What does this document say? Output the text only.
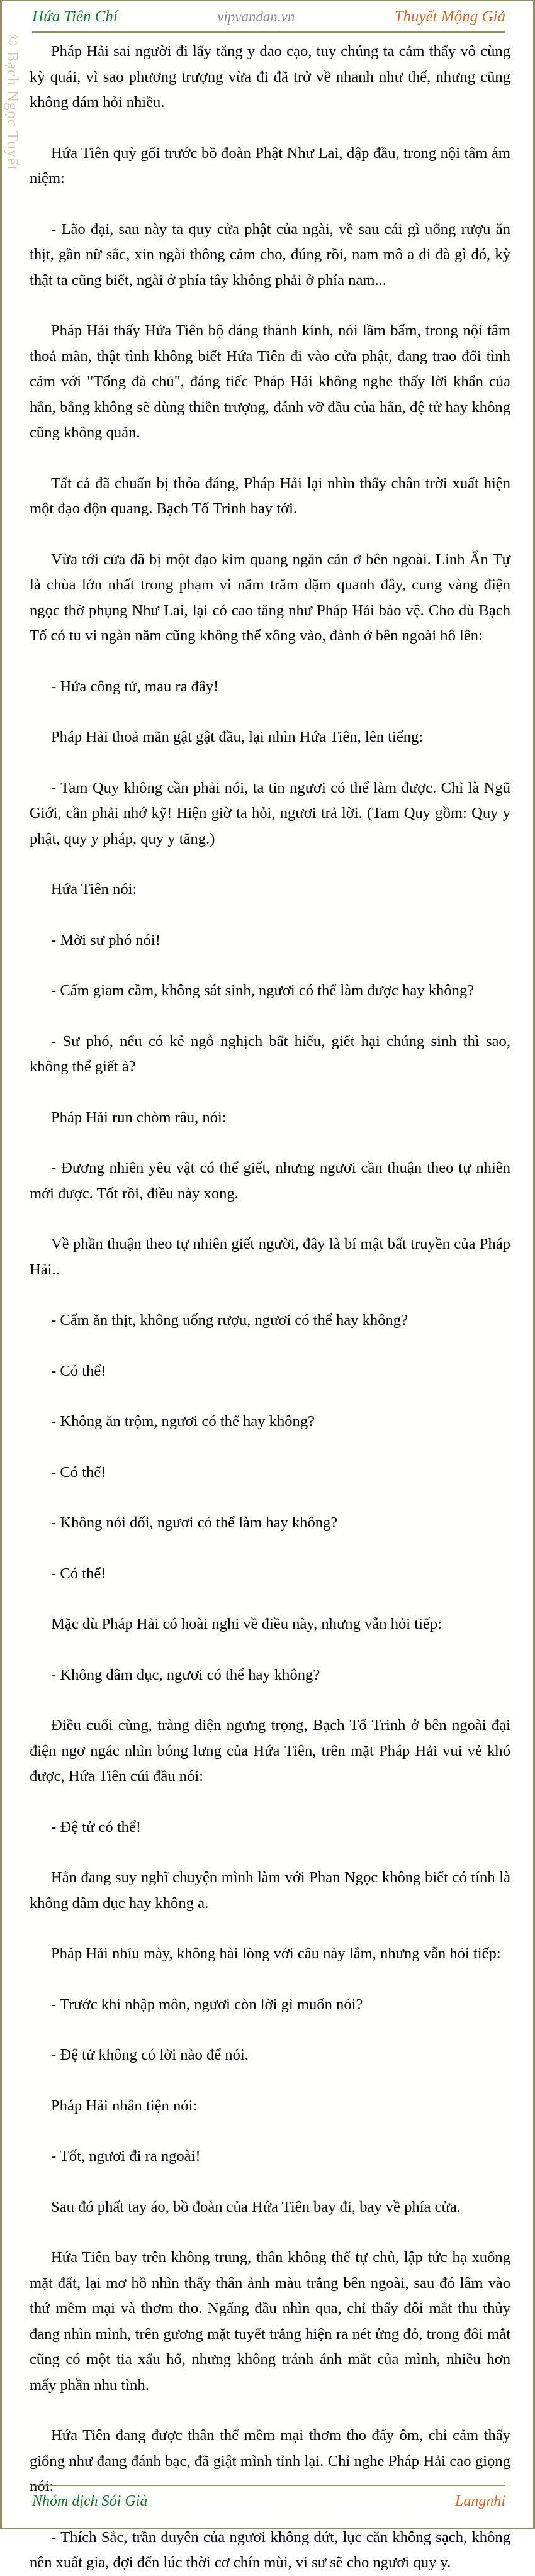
© Bạch Ngọc Tuyết
Hứa Tiên Chí	vipvandan.vn	Thuyết Mộng Giả

Pháp Hải sai người đi lấy tăng y dao cạo, tuy chúng ta cảm thấy vô cùng kỳ quái, vì sao phương trượng vừa đi đã trở về nhanh như thế, nhưng cũng không dám hỏi nhiều.

Hứa Tiên quỳ gối trước bồ đoàn Phật Như Lai, dập đầu, trong nội tâm ám niệm:

- Lão đại, sau này ta quy cửa phật của ngài, về sau cái gì uống rượu ăn thịt, gần nữ sắc, xin ngài thông cảm cho, đúng rồi, nam mô a di đà gì đó, kỳ thật ta cũng biết, ngài ở phía tây không phải ở phía nam...

Pháp Hải thấy Hứa Tiên bộ dáng thành kính, nói lầm bẩm, trong nội tâm thoả mãn, thật tình không biết Hứa Tiên đi vào cửa phật, đang trao đổi tình cảm với "Tổng đà chủ", đáng tiếc Pháp Hải không nghe thấy lời khẩn của hắn, bằng không sẽ dùng thiền trượng, đánh vỡ đầu của hắn, đệ tử hay không cũng không quản.

Tất cả đã chuẩn bị thỏa đáng, Pháp Hải lại nhìn thấy chân trời xuất hiện một đạo độn quang. Bạch Tố Trinh bay tới.

Vừa tới cửa đã bị một đạo kim quang ngăn cản ở bên ngoài. Linh Ẩn Tự là chùa lớn nhất trong phạm vi năm trăm dặm quanh đây, cung vàng điện ngọc thờ phụng Như Lai, lại có cao tăng như Pháp Hải bảo vệ. Cho dù Bạch Tố có tu vi ngàn năm cũng không thể xông vào, đành ở bên ngoài hô lên:

- Hứa công tử, mau ra đây!

Pháp Hải thoả mãn gật gật đầu, lại nhìn Hứa Tiên, lên tiếng:

- Tam Quy không cần phải nói, ta tin ngươi có thể làm được. Chỉ là Ngũ Giới, cần phải nhớ kỹ! Hiện giờ ta hỏi, ngươi trả lời. (Tam Quy gồm: Quy y phật, quy y pháp, quy y tăng.)

Hứa Tiên nói:

- Mời sư phó nói!

- Cấm giam cầm, không sát sinh, ngươi có thể làm được hay không?

- Sư phó, nếu có kẻ ngỗ nghịch bất hiếu, giết hại chúng sinh thì sao, không thể giết à?

Pháp Hải run chòm râu, nói:

- Đương nhiên yêu vật có thể giết, nhưng ngươi cần thuận theo tự nhiên mới được. Tốt rồi, điều này xong.

Về phần thuận theo tự nhiên giết người, đây là bí mật bất truyền của Pháp Hải..

- Cấm ăn thịt, không uống rượu, ngươi có thể hay không?

- Có thể!

- Không ăn trộm, ngươi có thể hay không?

- Có thể!

- Không nói dối, ngươi có thể làm hay không?

- Có thể!

Mặc dù Pháp Hải có hoài nghi về điều này, nhưng vẫn hỏi tiếp:

- Không dâm dục, ngươi có thể hay không?

Điều cuối cùng, tràng diện ngưng trọng, Bạch Tố Trinh ở bên ngoài đại điện ngơ ngác nhìn bóng lưng của Hứa Tiên, trên mặt Pháp Hải vui vẻ khó được, Hứa Tiên cúi đầu nói:

- Đệ tử có thể!

Hắn đang suy nghĩ chuyện mình làm với Phan Ngọc không biết có tính là không dâm dục hay không a.

Pháp Hải nhíu mày, không hài lòng với câu này lắm, nhưng vẫn hỏi tiếp:

- Trước khi nhập môn, ngươi còn lời gì muốn nói?

- Đệ tử không có lời nào để nói.

Pháp Hải nhân tiện nói:

- Tốt, ngươi đi ra ngoài!

Sau đó phất tay áo, bồ đoàn của Hứa Tiên bay đi, bay về phía cửa.

Hứa Tiên bay trên không trung, thân không thể tự chủ, lập tức hạ xuống mặt đất, lại mơ hồ nhìn thấy thân ảnh màu trắng bên ngoài, sau đó lâm vào thứ mềm mại và thơm tho. Ngẩng đầu nhìn qua, chỉ thấy đôi mắt thu thủy đang nhìn mình, trên gương mặt tuyết trắng hiện ra nét ửng đỏ, trong đôi mắt cũng có một tia xấu hổ, nhưng không tránh ánh mắt của mình, nhiều hơn mấy phần nhu tình.

Hứa Tiên đang được thân thể mềm mại thơm tho đấy ôm, chỉ cảm thấy giống như đang đánh bạc, đã giật mình tỉnh lại. Chỉ nghe Pháp Hải cao giọng nói:

- Thích Sắc, trần duyên của ngươi không dứt, lục căn không sạch, không nên xuất gia, đợi đến lúc thời cơ chín mùi, vi sư sẽ cho ngươi quy y.

Nhóm dịch Sói Già	Langnhi
